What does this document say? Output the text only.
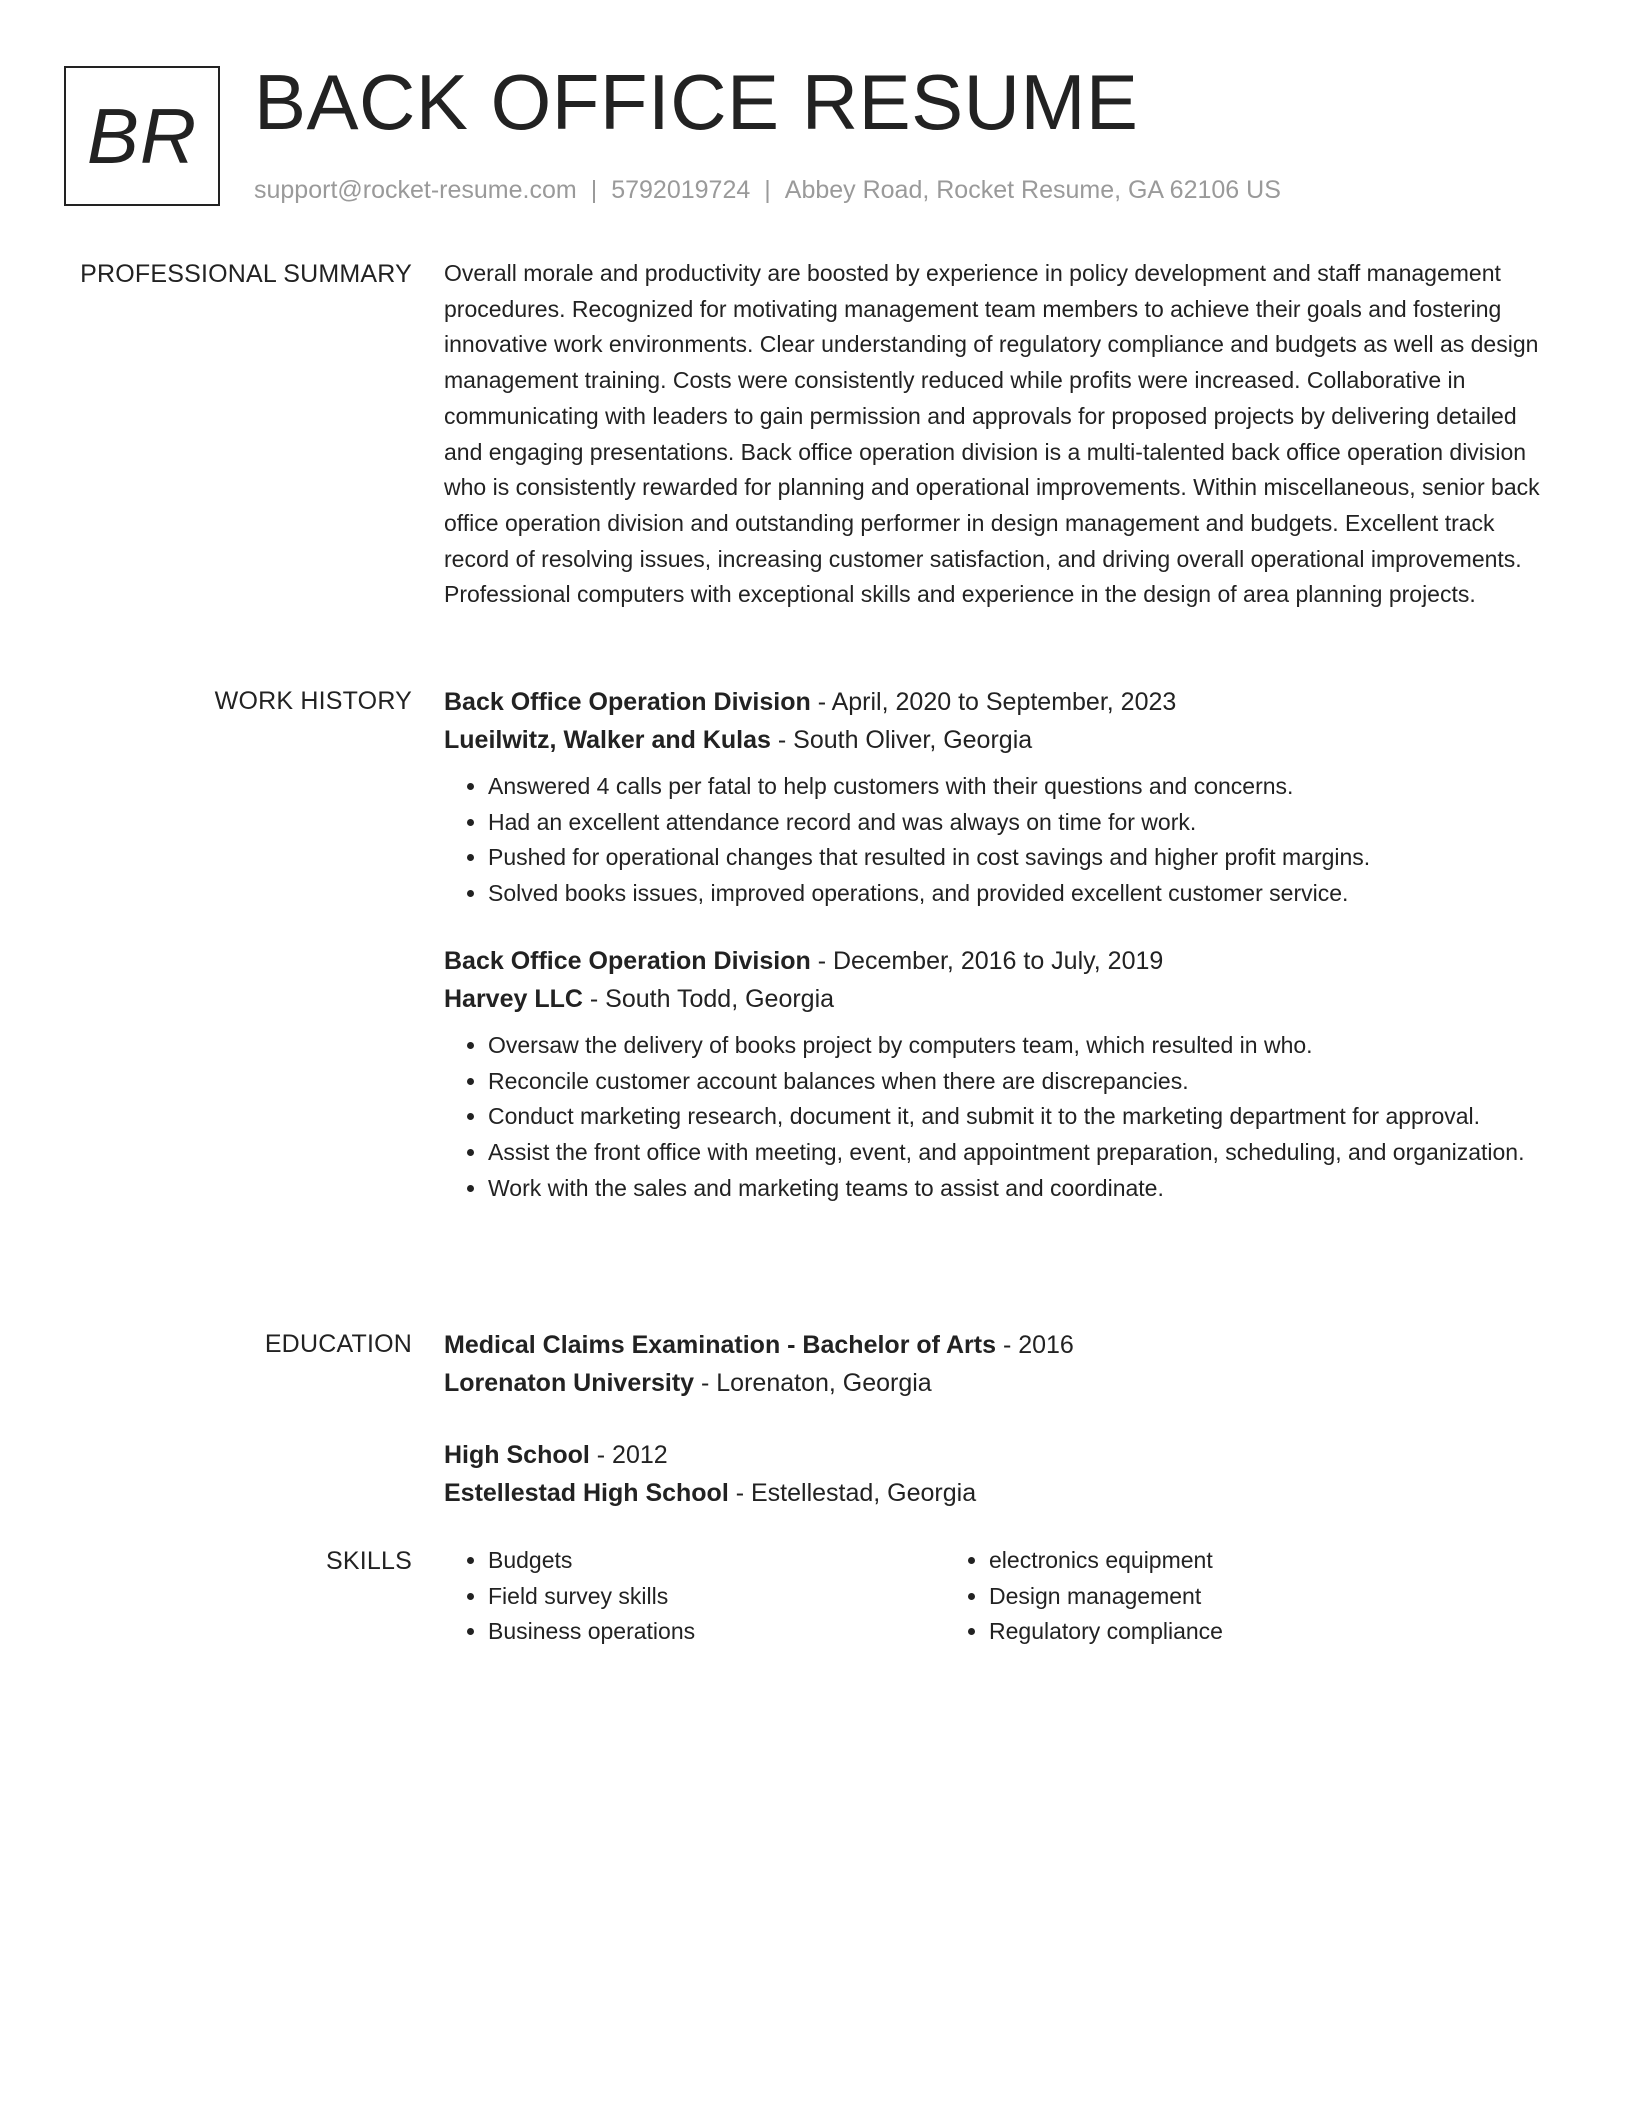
BR BACK OFFICE RESUME
support@rocket-resume.com | 5792019724 | Abbey Road, Rocket Resume, GA 62106 US
PROFESSIONAL SUMMARY Overall morale and productivity are boosted by experience in policy development and staff management procedures. Recognized for motivating management team members to achieve their goals and fostering innovative work environments. Clear understanding of regulatory compliance and budgets as well as design management training. Costs were consistently reduced while profits were increased. Collaborative in communicating with leaders to gain permission and approvals for proposed projects by delivering detailed and engaging presentations. Back office operation division is a multi-talented back office operation division who is consistently rewarded for planning and operational improvements. Within miscellaneous, senior back office operation division and outstanding performer in design management and budgets. Excellent track record of resolving issues, increasing customer satisfaction, and driving overall operational improvements. Professional computers with exceptional skills and experience in the design of area planning projects.

WORK HISTORY Back Office Operation Division - April, 2020 to September, 2023
Lueilwitz, Walker and Kulas - South Oliver, Georgia
• Answered 4 calls per fatal to help customers with their questions and concerns.
• Had an excellent attendance record and was always on time for work.
• Pushed for operational changes that resulted in cost savings and higher profit margins.
• Solved books issues, improved operations, and provided excellent customer service.
Back Office Operation Division - December, 2016 to July, 2019
Harvey LLC - South Todd, Georgia
• Oversaw the delivery of books project by computers team, which resulted in who.
• Reconcile customer account balances when there are discrepancies.
• Conduct marketing research, document it, and submit it to the marketing department for approval.
• Assist the front office with meeting, event, and appointment preparation, scheduling, and organization.
• Work with the sales and marketing teams to assist and coordinate.
EDUCATION Medical Claims Examination - Bachelor of Arts - 2016
Lorenaton University - Lorenaton, Georgia
High School - 2012
Estellestad High School - Estellestad, Georgia
SKILLS
•	Budgets
• Field survey skills
• Business operations
• electronics equipment
• Design management
• Regulatory compliance
